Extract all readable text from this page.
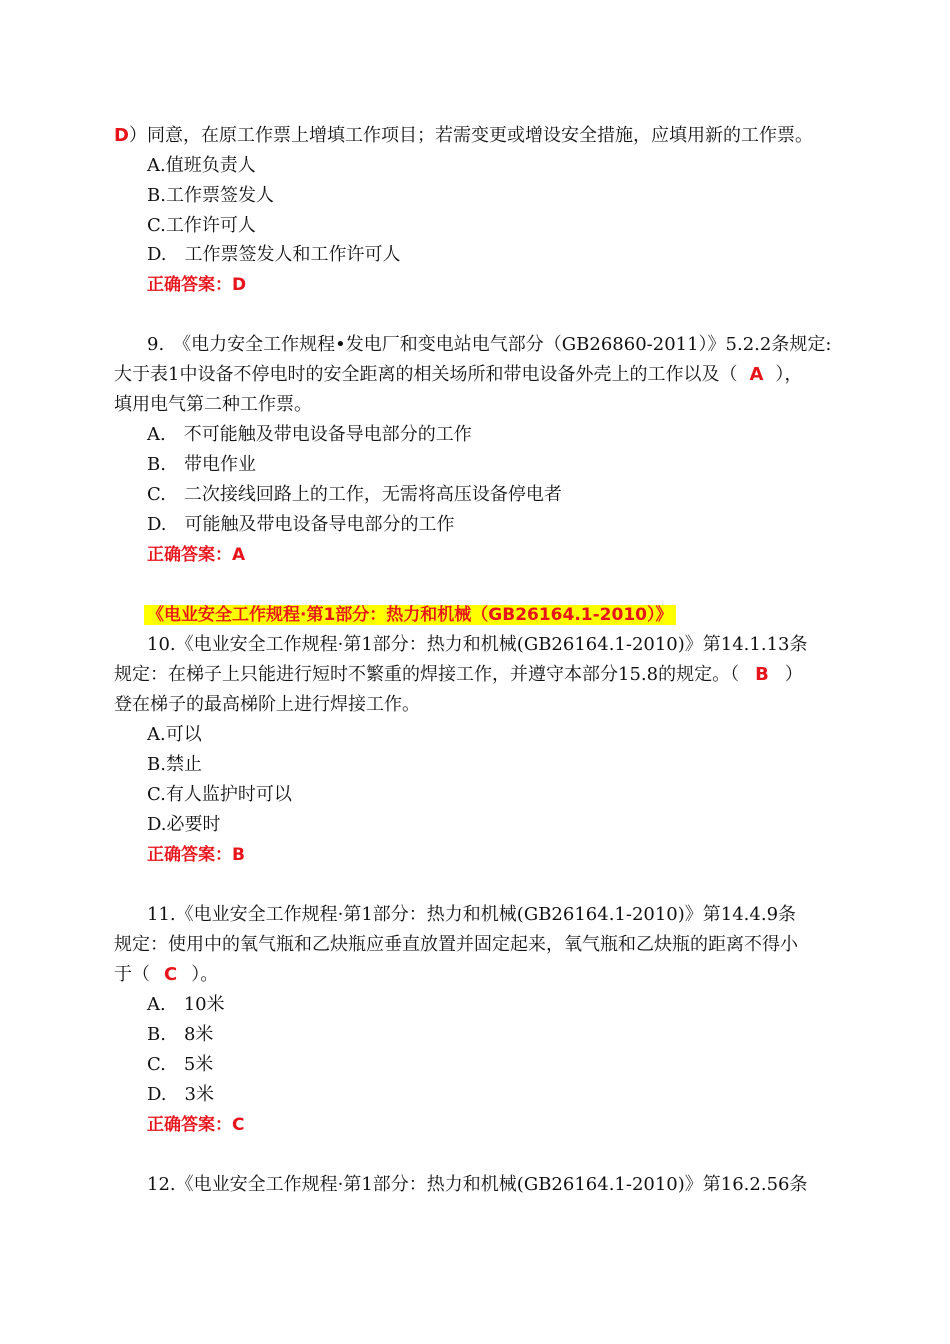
D）同意，在原工作票上增填工作项目；若需变更或增设安全措施，应填用新的工作票。
A.值班负责人
B.工作票签发人
C.工作许可人
D.　工作票签发人和工作许可人
正确答案：D
9.　《电力安全工作规程•发电厂和变电站电气部分（GB26860-2011）》5.2.2条规定:
大于表1中设备不停电时的安全距离的相关场所和带电设备外壳上的工作以及（ A ），
填用电气第二种工作票。
A.　不可能触及带电设备导电部分的工作
B.　带电作业
C.　二次接线回路上的工作，无需将高压设备停电者
D.　可能触及带电设备导电部分的工作
正确答案：A
《电业安全工作规程·第1部分：热力和机械（GB26164.1-2010）》
10.《电业安全工作规程·第1部分：热力和机械(GB26164.1-2010)》第14.1.13条
规定：在梯子上只能进行短时不繁重的焊接工作，并遵守本部分15.8的规定。（ B ）
登在梯子的最高梯阶上进行焊接工作。
A.可以
B.禁止
C.有人监护时可以
D.必要时
正确答案：B
11.《电业安全工作规程·第1部分：热力和机械(GB26164.1-2010)》第14.4.9条
规定：使用中的氧气瓶和乙炔瓶应垂直放置并固定起来，氧气瓶和乙炔瓶的距离不得小
于（ C ）。
A.　10米
B.　8米
C.　5米
D.　3米
正确答案：C
12.《电业安全工作规程·第1部分：热力和机械(GB26164.1-2010)》第16.2.56条
